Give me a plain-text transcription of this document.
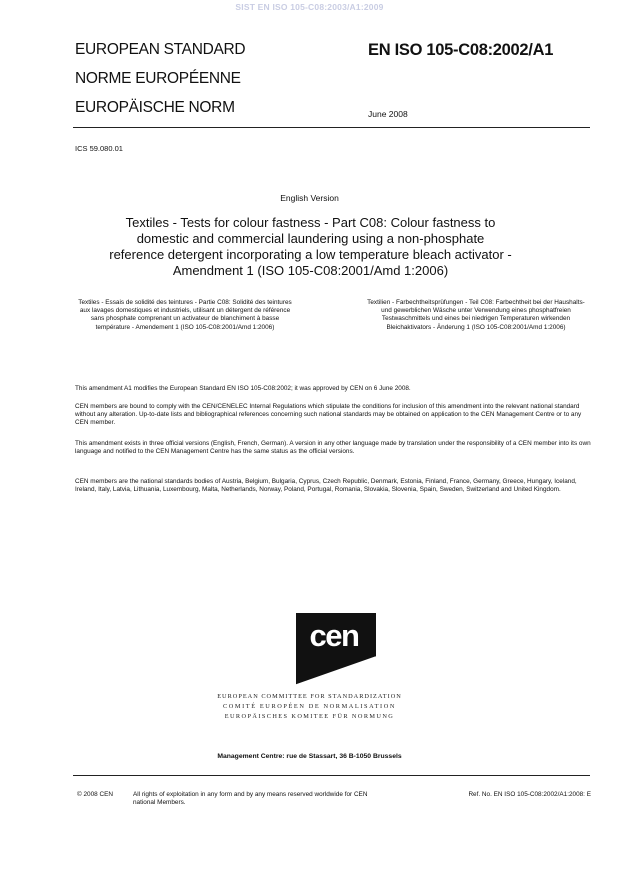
SIST EN ISO 105-C08:2003/A1:2009
EUROPEAN STANDARD
NORME EUROPÉENNE
EUROPÄISCHE NORM
EN ISO 105-C08:2002/A1
June 2008
ICS 59.080.01
English Version
Textiles - Tests for colour fastness - Part C08: Colour fastness to domestic and commercial laundering using a non-phosphate reference detergent incorporating a low temperature bleach activator - Amendment 1 (ISO 105-C08:2001/Amd 1:2006)
Textiles - Essais de solidité des teintures - Partie C08: Solidité des teintures aux lavages domestiques et industriels, utilisant un détergent de référence sans phosphate comprenant un activateur de blanchiment à basse température - Amendement 1 (ISO 105-C08:2001/Amd 1:2006)
Textilien - Farbechtheitsprüfungen - Teil C08: Farbechtheit bei der Haushalts- und gewerblichen Wäsche unter Verwendung eines phosphatfreien Testwaschmittels und eines bei niedrigen Temperaturen wirkenden Bleichaktivators - Änderung 1 (ISO 105-C08:2001/Amd 1:2006)
This amendment A1 modifies the European Standard EN ISO 105-C08:2002; it was approved by CEN on 6 June 2008.
CEN members are bound to comply with the CEN/CENELEC Internal Regulations which stipulate the conditions for inclusion of this amendment into the relevant national standard without any alteration. Up-to-date lists and bibliographical references concerning such national standards may be obtained on application to the CEN Management Centre or to any CEN member.
This amendment exists in three official versions (English, French, German). A version in any other language made by translation under the responsibility of a CEN member into its own language and notified to the CEN Management Centre has the same status as the official versions.
CEN members are the national standards bodies of Austria, Belgium, Bulgaria, Cyprus, Czech Republic, Denmark, Estonia, Finland, France, Germany, Greece, Hungary, Iceland, Ireland, Italy, Latvia, Lithuania, Luxembourg, Malta, Netherlands, Norway, Poland, Portugal, Romania, Slovakia, Slovenia, Spain, Sweden, Switzerland and United Kingdom.
cen
EUROPEAN COMMITTEE FOR STANDARDIZATION
COMITÉ EUROPÉEN DE NORMALISATION
EUROPÄISCHES KOMITEE FÜR NORMUNG
Management Centre: rue de Stassart, 36 B-1050 Brussels
© 2008 CEN	All rights of exploitation in any form and by any means reserved worldwide for CEN national Members.
Ref. No. EN ISO 105-C08:2002/A1:2008: E
